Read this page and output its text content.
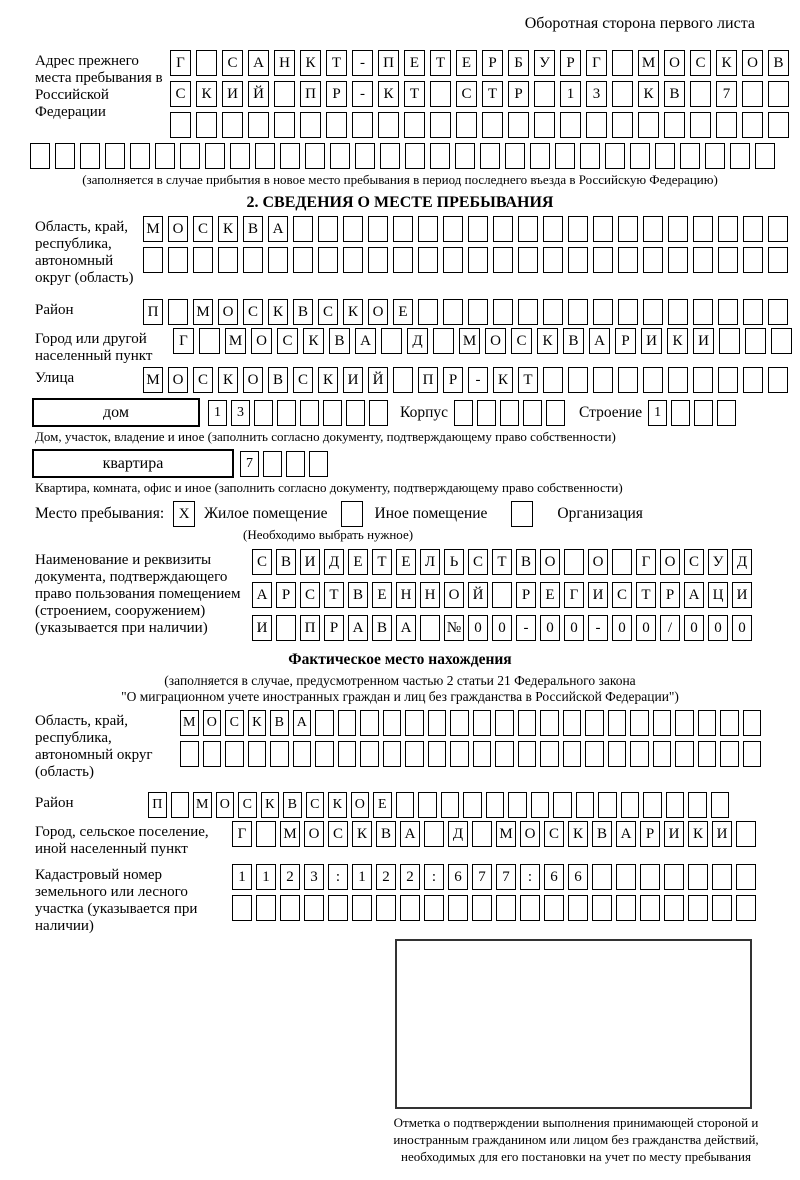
Оборотная сторона первого листа
Адрес прежнего места пребывания в Российской Федерации
Г	С	А	Н	К	Т	-	П	Е	Т	Е	Р	Б	У	Р	Г	М О	С	К	О	В
С	К	И	Й	П	Р	-	К	Т	С	Т	Р	1	3	К	В	7
(заполняется в случае прибытия в новое место пребывания в период последнего въезда в Российскую Федерацию)
2. СВЕДЕНИЯ О МЕСТЕ ПРЕБЫВАНИЯ
Область, край, республика, автономный округ (область)
М О С К В А
Район	П	М О С К В С К О Е
Город или другой населенный пункт
Г	М О	С	К	В	А	Д	М О	С	К	В	А	Р	И	К	И
Улица	М О С К О В С К И Й	П	Р	-	К	Т
дом	1	3	Корпус	Строение 1
Дом, участок, владение и иное (заполнить согласно документу, подтверждающему право собственности)
квартира	7
Квартира, комната, офис и иное (заполнить согласно документу, подтверждающему право собственности)
Место пребывания: X Жилое помещение	Иное помещение	Организация
(Необходимо выбрать нужное)
Наименование и реквизиты документа, подтверждающего право пользования помещением (строением, сооружением) (указывается при наличии)
С В И Д Е Т Е Л Ь С Т В О	О	Г О С У Д
А Р С Т В Е Н Н О Й	Р	Е	Г И С Т	Р А Ц И
И	П Р А В А	№ 0	0	-	0	0	-	0	0	/	0	0	0
Фактическое место нахождения
(заполняется в случае, предусмотренном частью 2 статьи 21 Федерального закона
"О миграционном учете иностранных граждан и лиц без гражданства в Российской Федерации")
Область, край, республика, автономный округ (область)
М О С К В А
Район	П М О С К В С К О Е
Город, сельское поселение, иной населенный пункт
Г	М О С К В А	Д	М О С К В А Р И К И
Кадастровый номер земельного или лесного участка (указывается при наличии)
1	1	2	3	:	1	2	2	:	6	7	7	:	6	6
Отметка о подтверждении выполнения принимающей стороной и иностранным гражданином или лицом без гражданства действий, необходимых для его постановки на учет по месту пребывания
